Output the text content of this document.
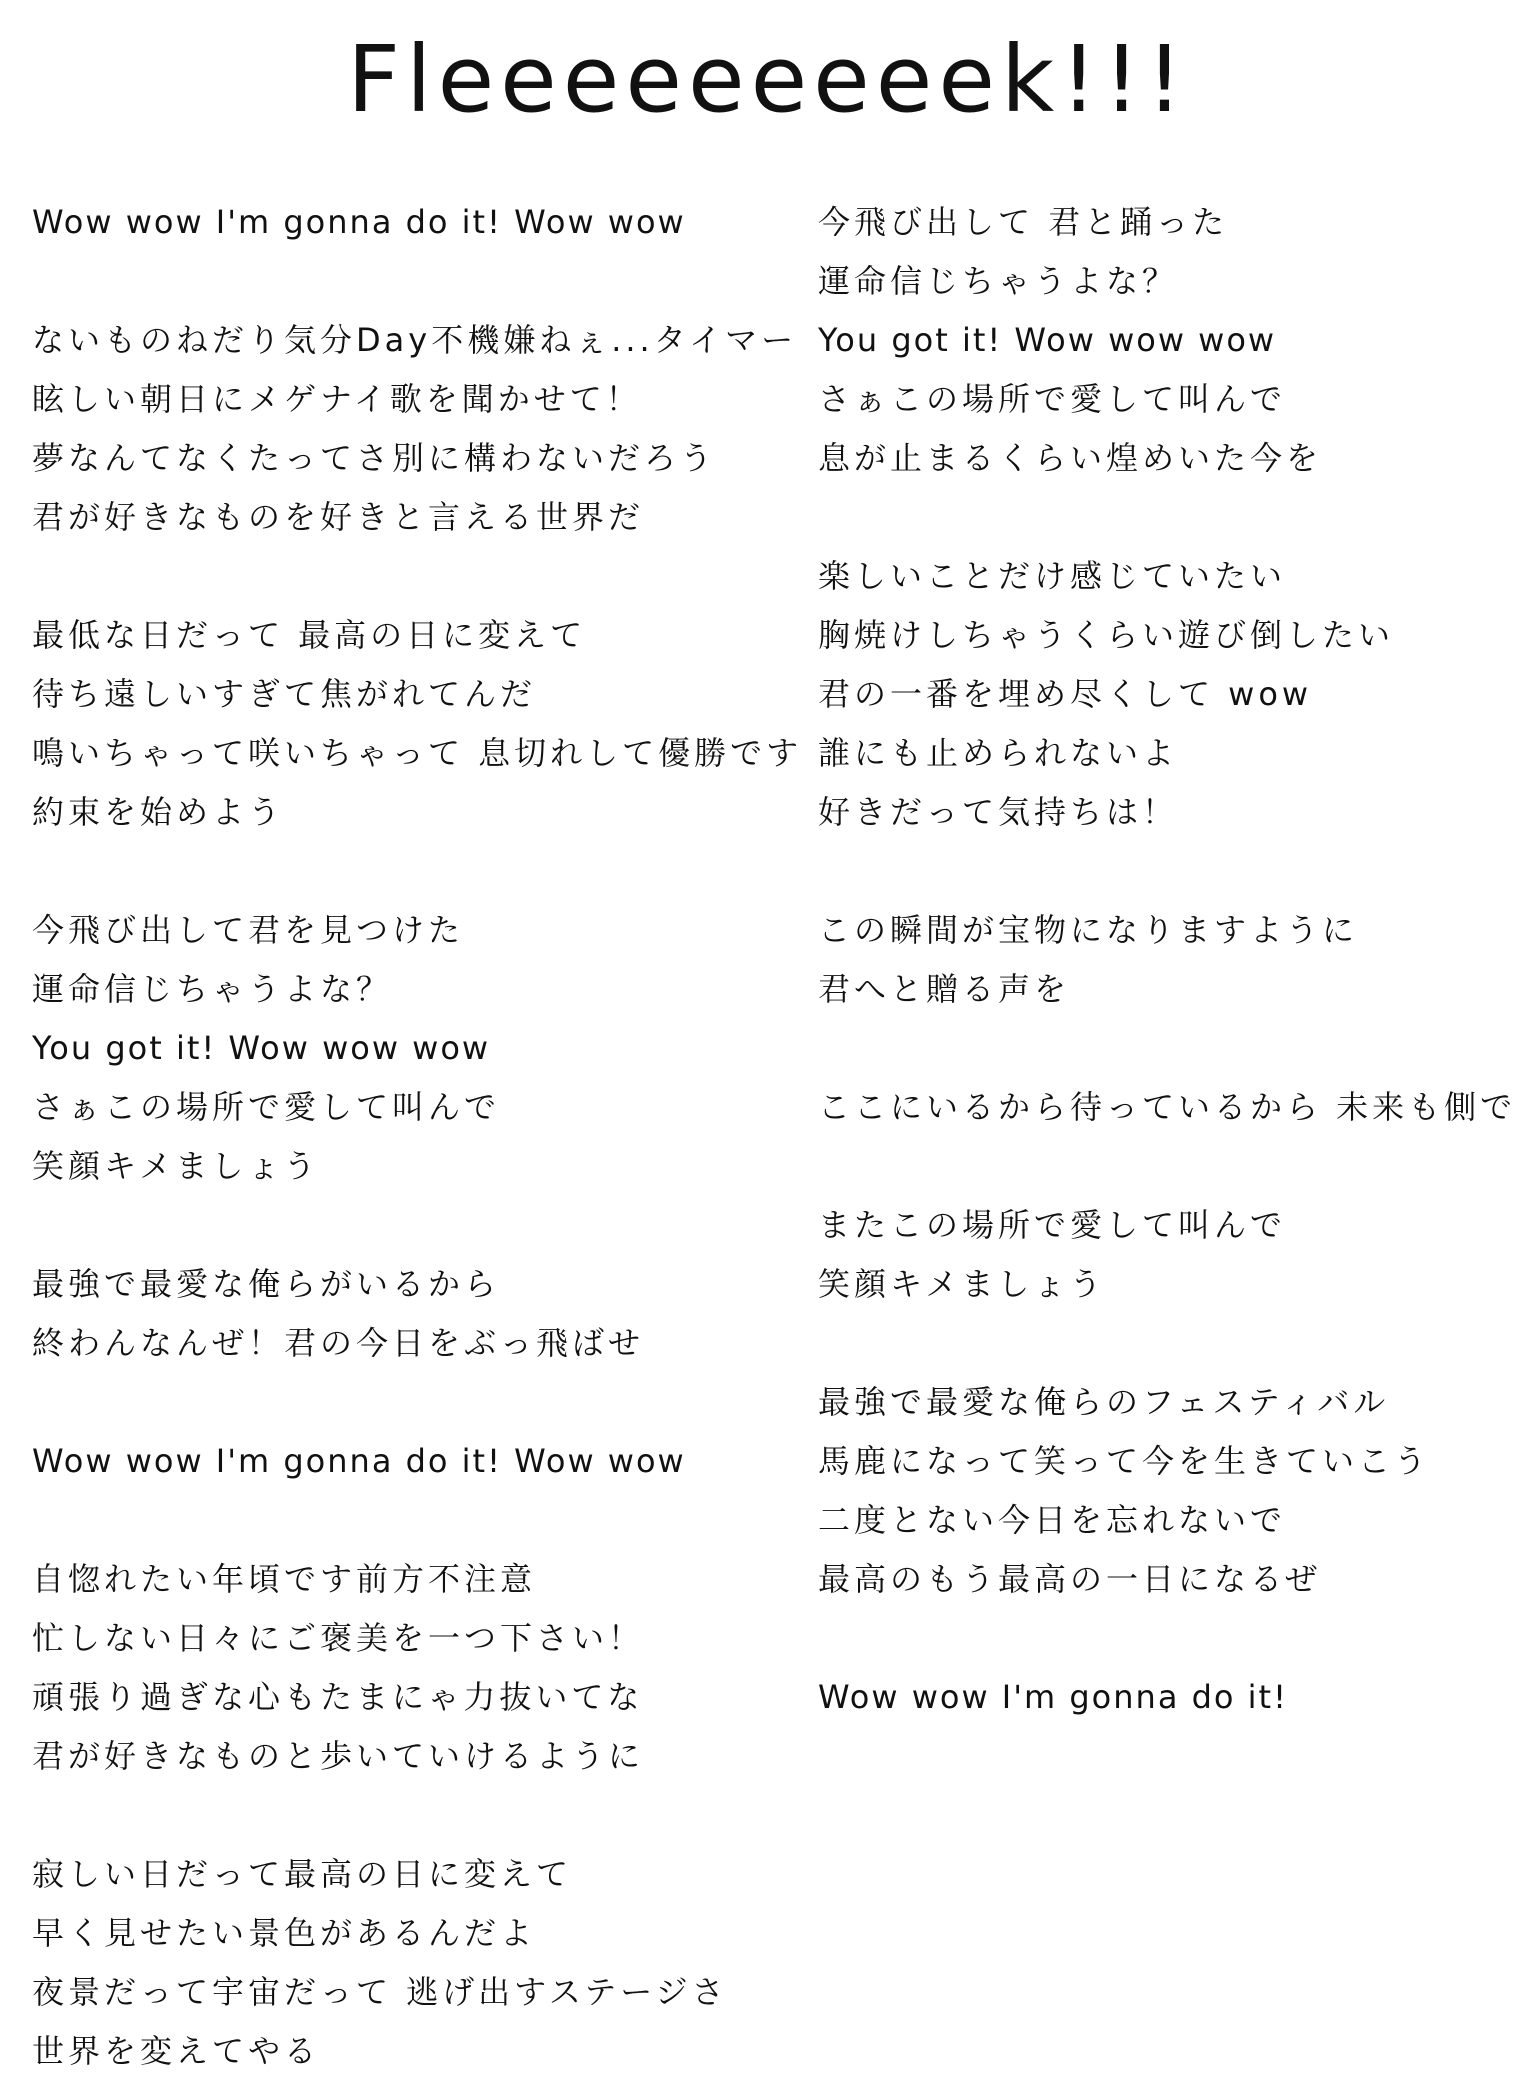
Fleeeeeeeeek!!!
Wow wow I'm gonna do it! Wow wow
ないものねだり気分Day不機嫌ねぇ...タイマー
眩しい朝日にメゲナイ歌を聞かせて！
夢なんてなくたってさ別に構わないだろう
君が好きなものを好きと言える世界だ
最低な日だって 最高の日に変えて
待ち遠しいすぎて焦がれてんだ
鳴いちゃって咲いちゃって 息切れして優勝です
約束を始めよう
今飛び出して君を見つけた
運命信じちゃうよな？
You got it! Wow wow wow
さぁこの場所で愛して叫んで
笑顔キメましょう
最強で最愛な俺らがいるから
終わんなんぜ！君の今日をぶっ飛ばせ
Wow wow I'm gonna do it! Wow wow
自惚れたい年頃です前方不注意
忙しない日々にご褒美を一つ下さい！
頑張り過ぎな心もたまにゃ力抜いてな
君が好きなものと歩いていけるように
寂しい日だって最高の日に変えて
早く見せたい景色があるんだよ
夜景だって宇宙だって 逃げ出すステージさ
世界を変えてやる
今飛び出して 君と踊った
運命信じちゃうよな？
You got it! Wow wow wow
さぁこの場所で愛して叫んで
息が止まるくらい煌めいた今を
楽しいことだけ感じていたい
胸焼けしちゃうくらい遊び倒したい
君の一番を埋め尽くして wow
誰にも止められないよ
好きだって気持ちは！
この瞬間が宝物になりますように
君へと贈る声を
ここにいるから待っているから 未来も側で
またこの場所で愛して叫んで
笑顔キメましょう
最強で最愛な俺らのフェスティバル
馬鹿になって笑って今を生きていこう
二度とない今日を忘れないで
最高のもう最高の一日になるぜ
Wow wow I'm gonna do it!
